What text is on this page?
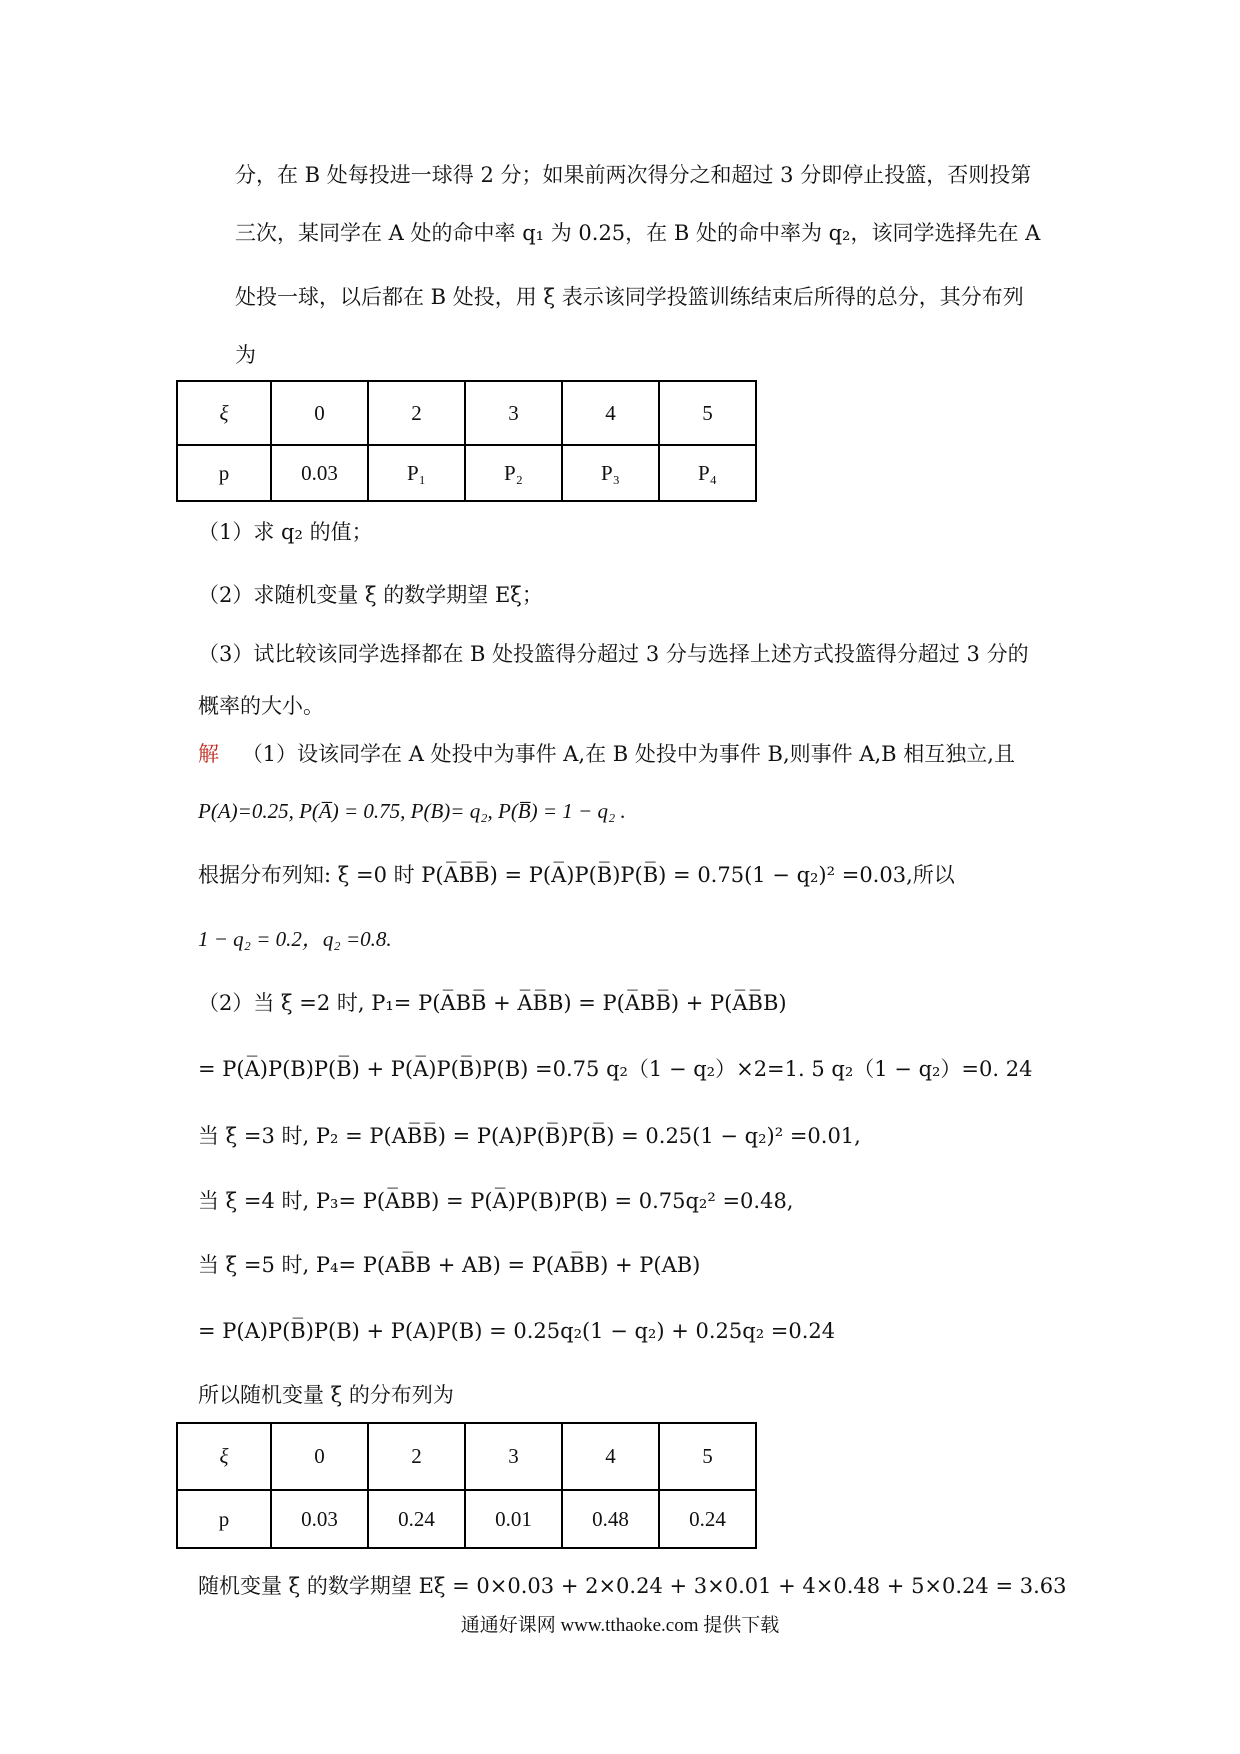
分，在 B 处每投进一球得 2 分；如果前两次得分之和超过 3 分即停止投篮，否则投第
三次，某同学在 A 处的命中率 q₁ 为 0.25，在 B 处的命中率为 q₂，该同学选择先在 A
处投一球，以后都在 B 处投，用 ξ 表示该同学投篮训练结束后所得的总分，其分布列
为
ξ	0	2	3	4	5
p	0.03	P₁	P₂	P₃	P₄
（1）求 q₂ 的值；
（2）求随机变量 ξ 的数学期望 Eξ；
（3）试比较该同学选择都在 B 处投篮得分超过 3 分与选择上述方式投篮得分超过 3 分的
概率的大小。
解 （1）设该同学在 A 处投中为事件 A,在 B 处投中为事件 B,则事件 A,B 相互独立,且
P(A)=0.25, P(A̅) = 0.75, P(B)= q₂, P(B̅) = 1 − q₂ .
根据分布列知: ξ =0 时 P(A̅B̅B̅) = P(A̅)P(B̅)P(B̅) = 0.75(1 − q₂)² =0.03,所以
1 − q₂ = 0.2，q₂ =0.8.
（2）当 ξ =2 时, P₁= P(A̅BB̅ + A̅B̅B) = P(A̅BB̅) + P(A̅B̅B)
= P(A̅)P(B)P(B̅) + P(A̅)P(B̅)P(B) =0.75 q₂（1 − q₂）×2=1. 5 q₂（1 − q₂）=0. 24
当 ξ =3 时, P₂ = P(AB̅B̅) = P(A)P(B̅)P(B̅) = 0.25(1 − q₂)² =0.01,
当 ξ =4 时, P₃= P(A̅BB) = P(A̅)P(B)P(B) = 0.75q₂² =0.48,
当 ξ =5 时, P₄= P(AB̅B + AB) = P(AB̅B) + P(AB)
= P(A)P(B̅)P(B) + P(A)P(B) = 0.25q₂(1 − q₂) + 0.25q₂ =0.24
所以随机变量 ξ 的分布列为
ξ	0	2	3	4	5
p	0.03	0.24	0.01	0.48	0.24
随机变量 ξ 的数学期望 Eξ = 0×0.03 + 2×0.24 + 3×0.01 + 4×0.48 + 5×0.24 = 3.63
通通好课网 www.tthaoke.com 提供下载
